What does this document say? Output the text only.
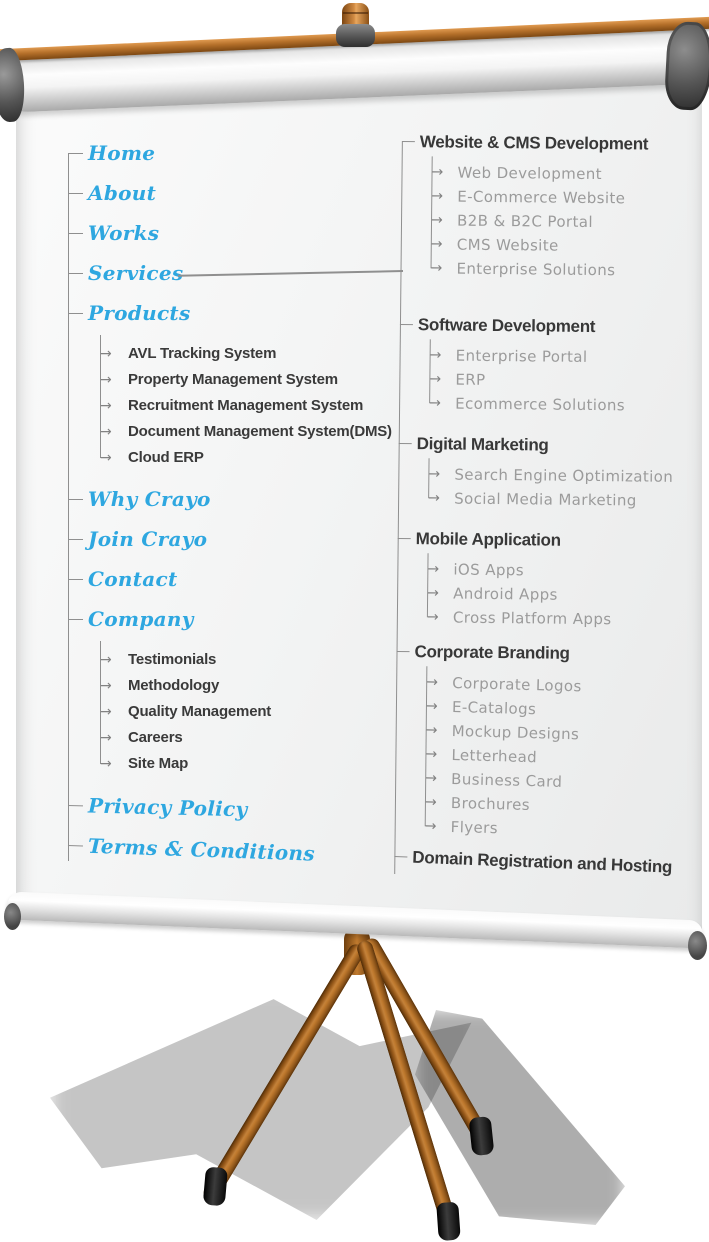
Home
About
Works
Services
Products
→ AVL Tracking System
→ Property Management System
→ Recruitment Management System
→ Document Management System(DMS)
→ Cloud ERP
Why Crayo
Join Crayo
Contact
Company
→ Testimonials
→ Methodology
→ Quality Management
→ Careers
→ Site Map
Privacy Policy
Terms & Conditions
Website & CMS Development
→ Web Development
→ E-Commerce Website
→ B2B & B2C Portal
→ CMS Website
→ Enterprise Solutions
Software Development
→ Enterprise Portal
→ ERP
→ Ecommerce Solutions
Digital Marketing
→ Search Engine Optimization
→ Social Media Marketing
Mobile Application
→ iOS Apps
→ Android Apps
→ Cross Platform Apps
Corporate Branding
→ Corporate Logos
→ E-Catalogs
→ Mockup Designs
→ Letterhead
→ Business Card
→ Brochures
→ Flyers
Domain Registration and Hosting
